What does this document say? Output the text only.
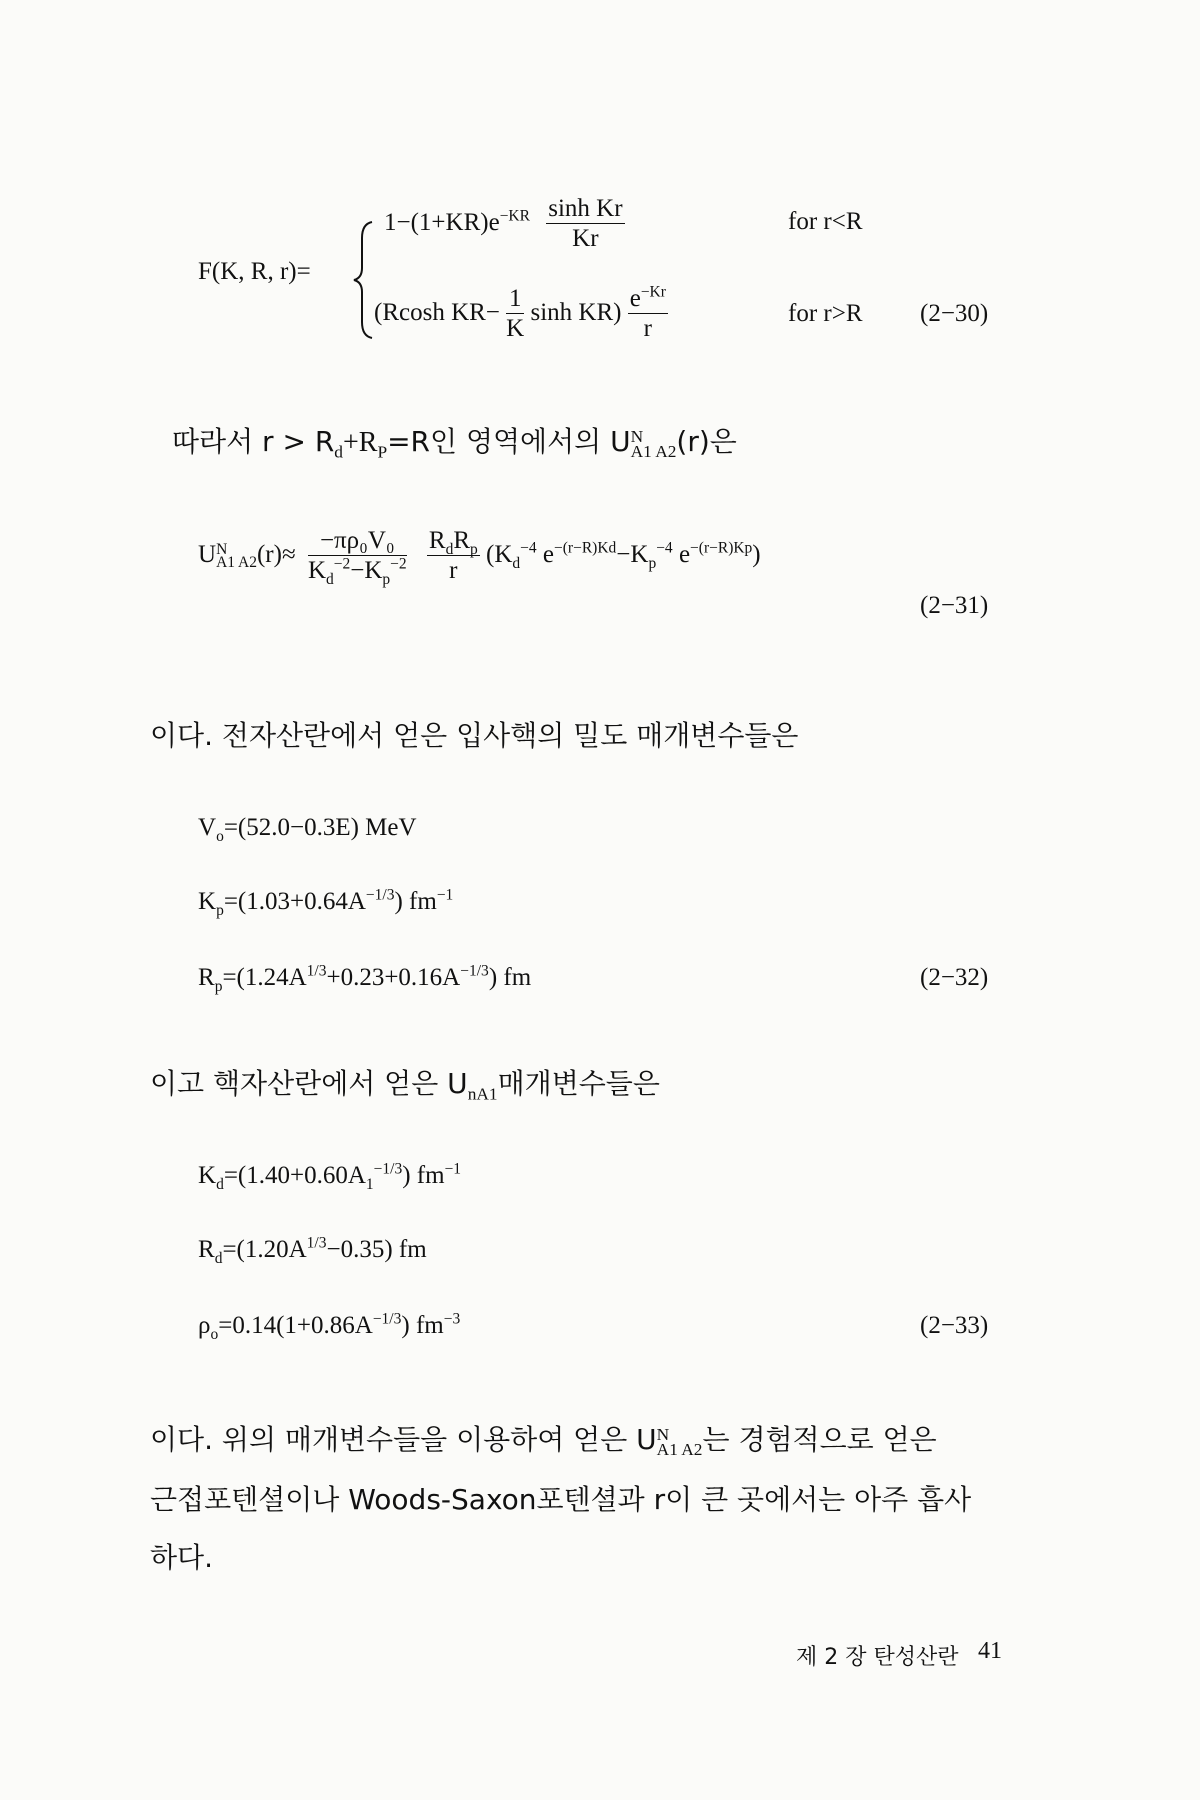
F(K, R, r)=
$1-(1+KR)e^{-KR} \frac{\text{sinh Kr}}{Kr}$	for r<R
(Rcosh $KR- \frac{1}{K}$ $\sinh KR) \frac{e^{-Kr}}{r}$	for r>R (2−30)
따라서 $r > R_d+R_P=R$인 영역에서의 U N
A1 A2 (r)은
U N
A1 A2 $(r)\approx \frac{\text{−πρ₀V₀}}{K_d^{-2}-K_p^{-2}}$
$\frac{R_dR_p}{r} (K_d^{-4}$ $e^{-(r-R)Kd}-K_p^{-4}$ $e^{-(r-R)Kp}$)
(2−31)
이다. 전자산란에서 얻은 입사핵의 밀도 매개변수들은
$V_o=(52.0-0.3E)$ MeV
$K_p=(1.03+0.64A^{-1/3})$ $fm^{-1}$
$R_p=(1.24A^{1/3}+0.23+0.16A^{-1/3})$ fm	(2−32)
이고 핵자산란에서 얻은 $U_{nA1}$매개변수들은
$K_d=(1.40+0.60A_1^{-1/3})$ $fm^{-1}$
$R_d=(1.20A^{1/3}-0.35)$ fm
$\rho_o=0.14(1+0.86A^{-1/3})$ $fm^{-3}$	(2−33)
이다. 위의 매개변수들을 이용하여 얻은 U N
A1 A2 는 경험적으로 얻은
근접포텐셜이나 Woods-Saxon포텐셜과 r이 큰 곳에서는 아주 흡사
하다.
제 2 장 탄성산란 41
